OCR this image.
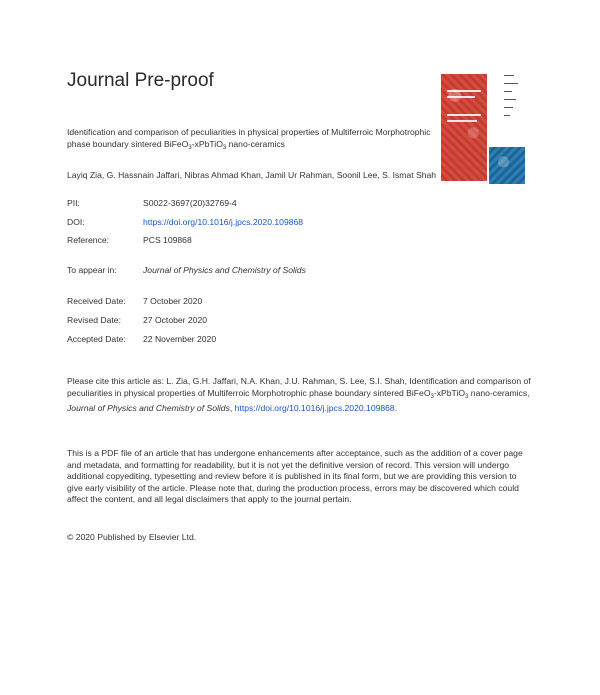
Journal Pre-proof
Identification and comparison of peculiarities in physical properties of Multiferroic Morphotrophic phase boundary sintered BiFeO$_3$-xPbTiO$_3$ nano-ceramics
Layiq Zia, G. Hassnain Jaffari, Nibras Ahmad Khan, Jamil Ur Rahman, Soonil Lee, S. Ismat Shah
PII:	S0022-3697(20)32769-4
DOI:	https://doi.org/10.1016/j.jpcs.2020.109868
Reference:	PCS 109868
To appear in:	Journal of Physics and Chemistry of Solids
Received Date: 7 October 2020
Revised Date:	27 October 2020
Accepted Date: 22 November 2020
Please cite this article as: L. Zia, G.H. Jaffari, N.A. Khan, J.U. Rahman, S. Lee, S.I. Shah, Identification and comparison of peculiarities in physical properties of Multiferroic Morphotrophic phase boundary sintered BiFeO$_3$-xPbTiO$_3$ nano-ceramics, Journal of Physics and Chemistry of Solids, https://doi.org/10.1016/j.jpcs.2020.109868.
This is a PDF file of an article that has undergone enhancements after acceptance, such as the addition of a cover page and metadata, and formatting for readability, but it is not yet the definitive version of record. This version will undergo additional copyediting, typesetting and review before it is published in its final form, but we are providing this version to give early visibility of the article. Please note that, during the production process, errors may be discovered which could affect the content, and all legal disclaimers that apply to the journal pertain.
© 2020 Published by Elsevier Ltd.
